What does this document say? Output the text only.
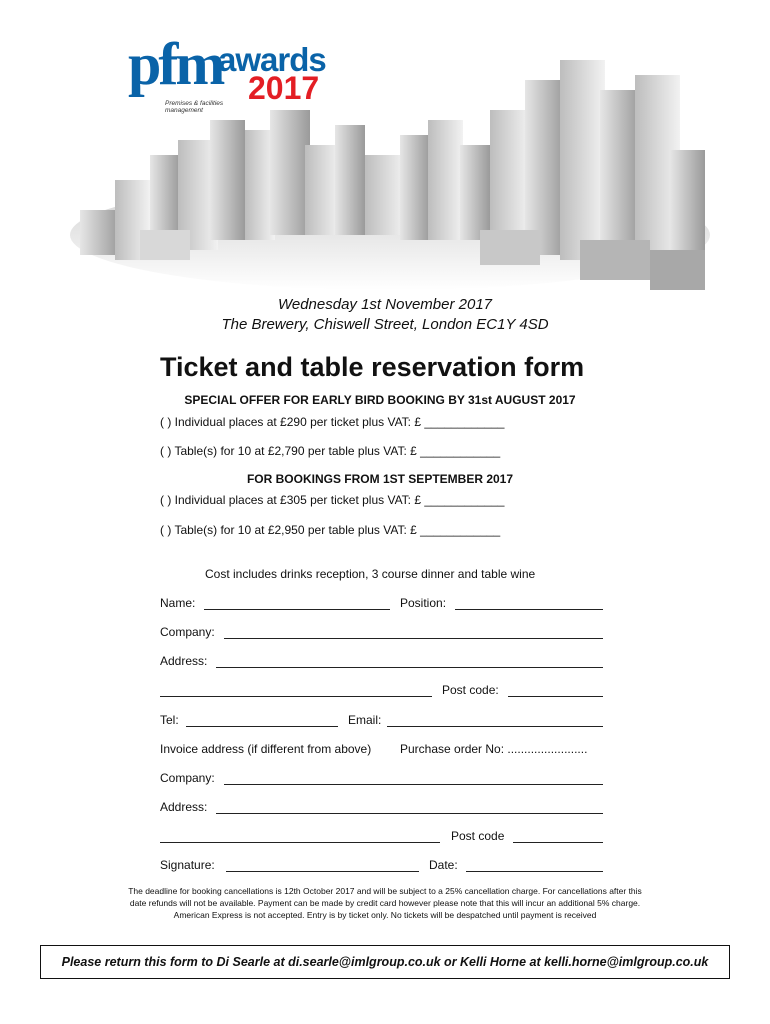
pfm
awards
2017
Premises & facilities management
Wednesday 1st November 2017
The Brewery, Chiswell Street, London EC1Y 4SD
Ticket and table reservation form
SPECIAL OFFER FOR EARLY BIRD BOOKING BY 31st AUGUST 2017
( ) Individual places at £290 per ticket plus VAT: £ ____________
( ) Table(s) for 10 at £2,790 per table plus VAT: £ ____________
FOR BOOKINGS FROM 1ST SEPTEMBER 2017
( ) Individual places at £305 per ticket plus VAT: £ ____________
( ) Table(s) for 10 at £2,950 per table plus VAT: £ ____________
Cost includes drinks reception, 3 course dinner and table wine
Name:	Position:
Company:
Address:
Post code:
Tel:	Email:
Invoice address (if different from above) Purchase order No: ........................
Company:
Address:
Post code
Signature:	Date:
The deadline for booking cancellations is 12th October 2017 and will be subject to a 25% cancellation charge. For cancellations after this
date refunds will not be available. Payment can be made by credit card however please note that this will incur an additional 5% charge.
American Express is not accepted. Entry is by ticket only. No tickets will be despatched until payment is received
Please return this form to Di Searle at di.searle@imlgroup.co.uk or Kelli Horne at kelli.horne@imlgroup.co.uk
